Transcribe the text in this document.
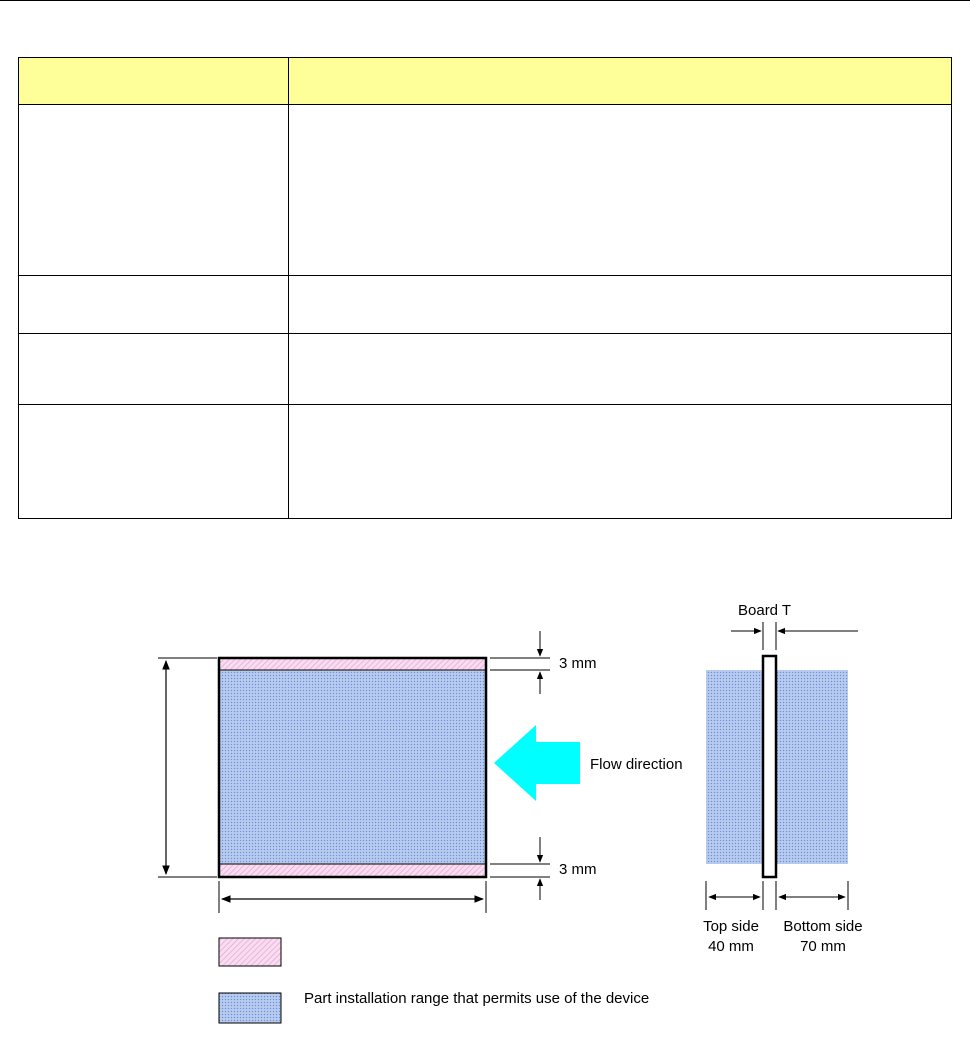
3 mm
3 mm
Flow direction
Board T
Top side
40 mm
Bottom side
70 mm
Part installation range that permits use of the device
